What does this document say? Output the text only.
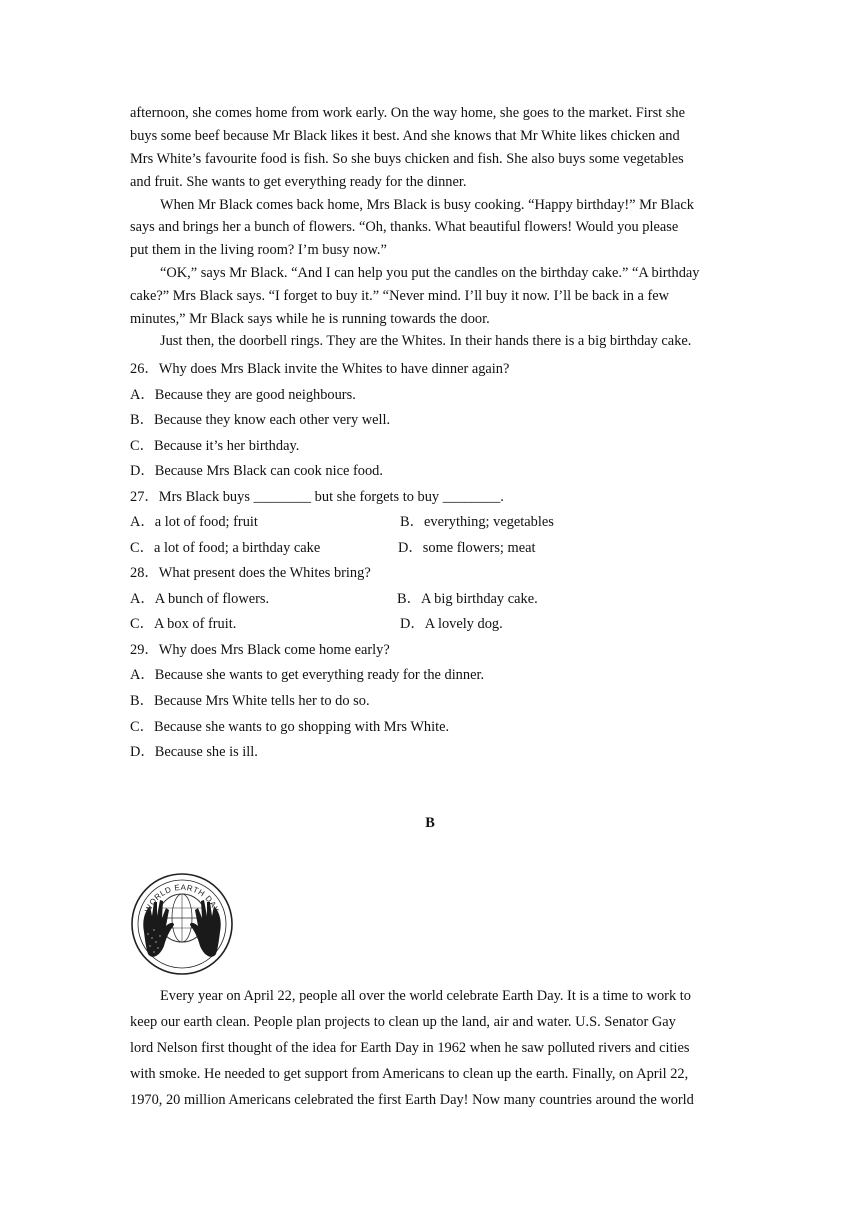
afternoon, she comes home from work early. On the way home, she goes to the market. First she
buys some beef because Mr Black likes it best. And she knows that Mr White likes chicken and
Mrs White’s favourite food is fish. So she buys chicken and fish. She also buys some vegetables
and fruit. She wants to get everything ready for the dinner.
When Mr Black comes back home, Mrs Black is busy cooking. “Happy birthday!” Mr Black
says and brings her a bunch of flowers. “Oh, thanks. What beautiful flowers! Would you please
put them in the living room? I’m busy now.”
“OK,” says Mr Black. “And I can help you put the candles on the birthday cake.” “A birthday
cake?” Mrs Black says. “I forget to buy it.” “Never mind. I’ll buy it now. I’ll be back in a few
minutes,” Mr Black says while he is running towards the door.
Just then, the doorbell rings. They are the Whites. In their hands there is a big birthday cake.
26．Why does Mrs Black invite the Whites to have dinner again?
A．Because they are good neighbours.
B．Because they know each other very well.
C．Because it’s her birthday.
D．Because Mrs Black can cook nice food.
27．Mrs Black buys ________ but she forgets to buy ________.
A．a lot of food; fruit	B．everything; vegetables
C．a lot of food; a birthday cake	D．some flowers; meat
28．What present does the Whites bring?
A．A bunch of flowers.	B．A big birthday cake.
C．A box of fruit.	D．A lovely dog.
29．Why does Mrs Black come home early?
A．Because she wants to get everything ready for the dinner.
B．Because Mrs White tells her to do so.
C．Because she wants to go shopping with Mrs White.
D．Because she is ill.
B
WORLD EARTH DAY
Every year on April 22, people all over the world celebrate Earth Day. It is a time to work to
keep our earth clean. People plan projects to clean up the land, air and water. U.S. Senator Gay
lord Nelson first thought of the idea for Earth Day in 1962 when he saw polluted rivers and cities
with smoke. He needed to get support from Americans to clean up the earth. Finally, on April 22,
1970, 20 million Americans celebrated the first Earth Day! Now many countries around the world
